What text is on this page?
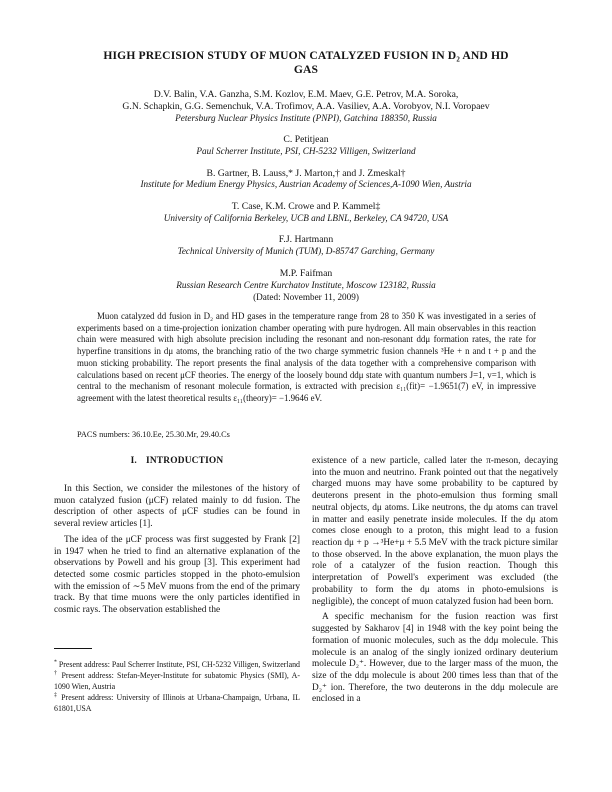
HIGH PRECISION STUDY OF MUON CATALYZED FUSION IN D₂ AND HD
GAS
D.V. Balin, V.A. Ganzha, S.M. Kozlov, E.M. Maev, G.E. Petrov, M.A. Soroka,
G.N. Schapkin, G.G. Semenchuk, V.A. Trofimov, A.A. Vasiliev, A.A. Vorobyov, N.I. Voropaev
Petersburg Nuclear Physics Institute (PNPI), Gatchina 188350, Russia
C. Petitjean
Paul Scherrer Institute, PSI, CH-5232 Villigen, Switzerland
B. Gartner, B. Lauss,* J. Marton,† and J. Zmeskal†
Institute for Medium Energy Physics, Austrian Academy of Sciences,A-1090 Wien, Austria
T. Case, K.M. Crowe and P. Kammel‡
University of California Berkeley, UCB and LBNL, Berkeley, CA 94720, USA
F.J. Hartmann
Technical University of Munich (TUM), D-85747 Garching, Germany
M.P. Faifman
Russian Research Centre Kurchatov Institute, Moscow 123182, Russia
(Dated: November 11, 2009)
Muon catalyzed dd fusion in D₂ and HD gases in the temperature range from 28 to 350 K was investigated in a series of experiments based on a time-projection ionization chamber operating with pure hydrogen. All main observables in this reaction chain were measured with high absolute precision including the resonant and non-resonant ddμ formation rates, the rate for hyperfine transitions in dμ atoms, the branching ratio of the two charge symmetric fusion channels ³He + n and t + p and the muon sticking probability. The report presents the final analysis of the data together with a comprehensive comparison with calculations based on recent μCF theories. The energy of the loosely bound ddμ state with quantum numbers J=1, v=1, which is central to the mechanism of resonant molecule formation, is extracted with precision ε₁₁(fit)= −1.9651(7) eV, in impressive agreement with the latest theoretical results ε₁₁(theory)= −1.9646 eV.
PACS numbers: 36.10.Ee, 25.30.Mr, 29.40.Cs
I. INTRODUCTION

In this Section, we consider the milestones of the history of muon catalyzed fusion (μCF) related mainly to dd fusion. The description of other aspects of μCF studies can be found in several review articles [1].

The idea of the μCF process was first suggested by Frank [2] in 1947 when he tried to find an alternative explanation of the observations by Powell and his group [3]. This experiment had detected some cosmic particles stopped in the photo-emulsion with the emission of ∼5 MeV muons from the end of the primary track. By that time muons were the only particles identified in cosmic rays. The observation established the

existence of a new particle, called later the π-meson, decaying into the muon and neutrino. Frank pointed out that the negatively charged muons may have some probability to be captured by deuterons present in the photo-emulsion thus forming small neutral objects, dμ atoms. Like neutrons, the dμ atoms can travel in matter and easily penetrate inside molecules. If the dμ atom comes close enough to a proton, this might lead to a fusion reaction dμ + p →³He+μ + 5.5 MeV with the track picture similar to those observed. In the above explanation, the muon plays the role of a catalyzer of the fusion reaction. Though this interpretation of Powell's experiment was excluded (the probability to form the dμ atoms in photo-emulsions is negligible), the concept of muon catalyzed fusion had been born.

A specific mechanism for the fusion reaction was first suggested by Sakharov [4] in 1948 with the key point being the formation of muonic molecules, such as the ddμ molecule. This molecule is an analog of the singly ionized ordinary deuterium molecule D₂⁺. However, due to the larger mass of the muon, the size of the ddμ molecule is about 200 times less than that of the D₂⁺ ion. Therefore, the two deuterons in the ddμ molecule are enclosed in a

* Present address: Paul Scherrer Institute, PSI, CH-5232 Villigen, Switzerland
† Present address: Stefan-Meyer-Institute for subatomic Physics (SMI), A-1090 Wien, Austria
‡ Present address: University of Illinois at Urbana-Champaign, Urbana, IL 61801,USA
